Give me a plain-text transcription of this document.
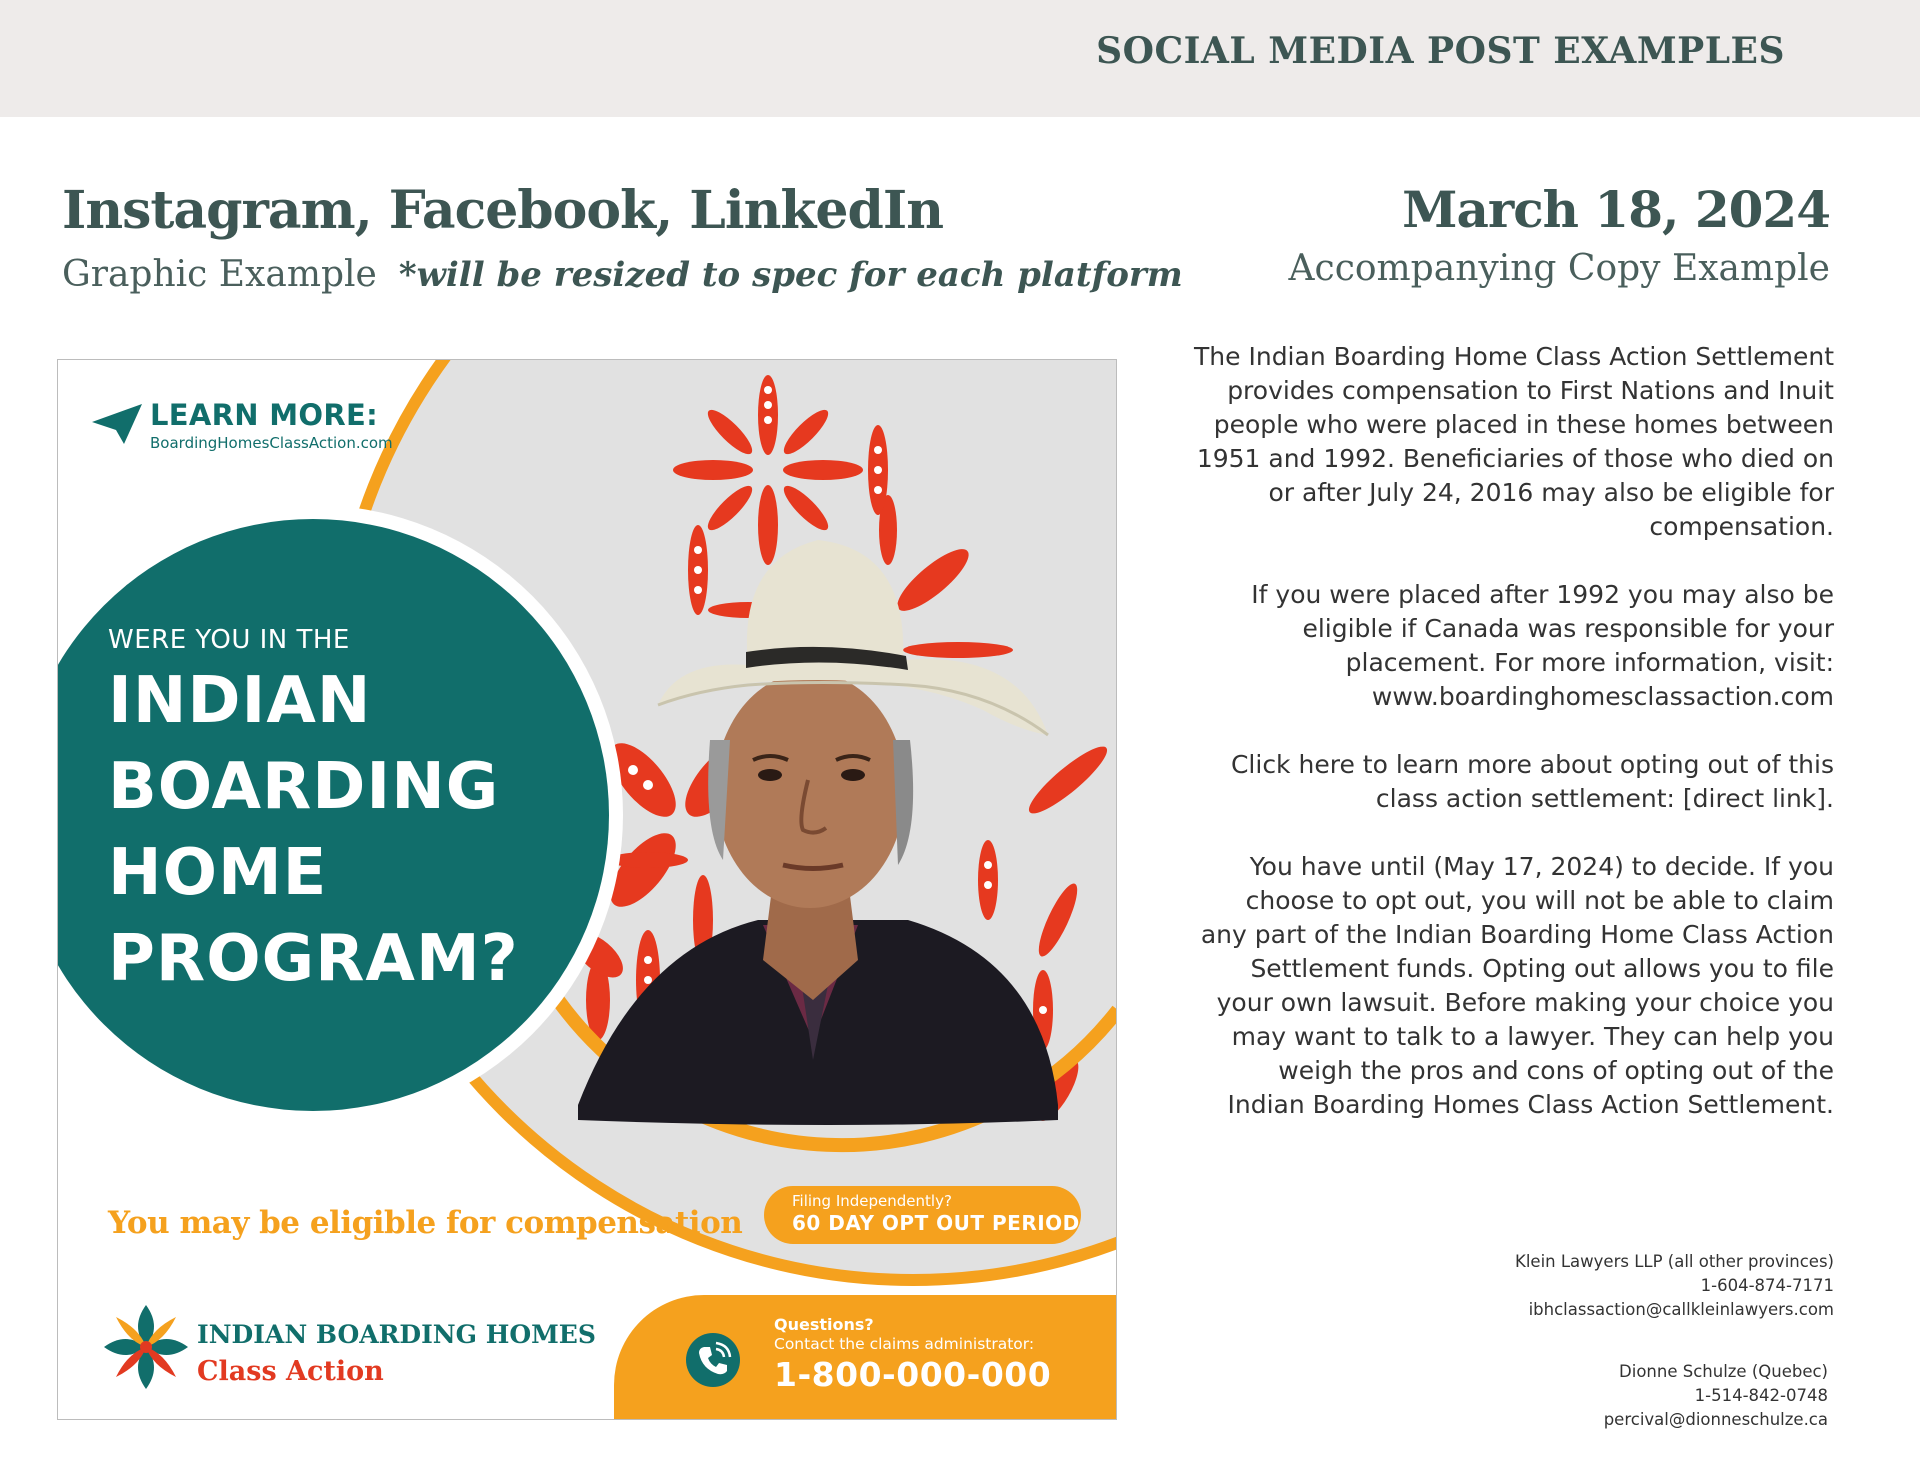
SOCIAL MEDIA POST EXAMPLES
Instagram, Facebook, LinkedIn
Graphic Example *will be resized to spec for each platform
March 18, 2024
Accompanying Copy Example

The Indian Boarding Home Class Action Settlement provides compensation to First Nations and Inuit people who were placed in these homes between 1951 and 1992. Beneficiaries of those who died on or after July 24, 2016 may also be eligible for compensation.

If you were placed after 1992 you may also be eligible if Canada was responsible for your placement. For more information, visit: www.boardinghomesclassaction.com

Click here to learn more about opting out of this class action settlement: [direct link].

You have until (May 17, 2024) to decide. If you choose to opt out, you will not be able to claim any part of the Indian Boarding Home Class Action Settlement funds. Opting out allows you to file your own lawsuit. Before making your choice you may want to talk to a lawyer. They can help you weigh the pros and cons of opting out of the Indian Boarding Homes Class Action Settlement.

Klein Lawyers LLP (all other provinces)
1-604-874-7171
ibhclassaction@callkleinlawyers.com
Dionne Schulze (Quebec)
1-514-842-0748
percival@dionneschulze.ca
LEARN MORE:
BoardingHomesClassAction.com
WERE YOU IN THE
INDIAN
BOARDING
HOME
PROGRAM?
You may be eligible for compensation
Filing Independently?
60 DAY OPT OUT PERIOD
INDIAN BOARDING HOMES
Class Action
Questions?
Contact the claims administrator:
1-800-000-000
